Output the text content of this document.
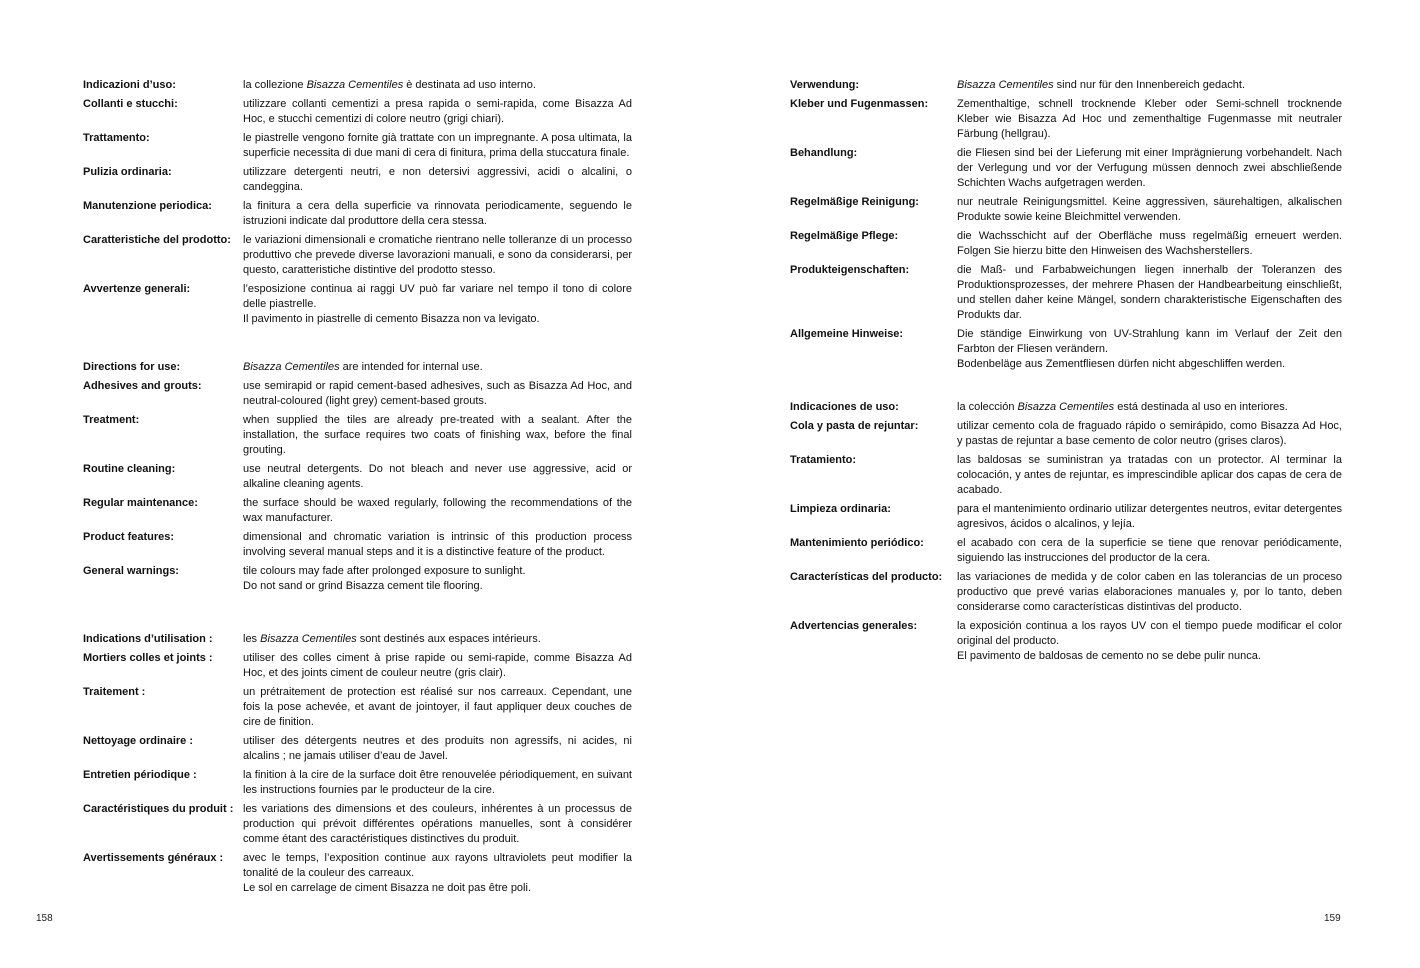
Indicazioni d’uso:	la collezione Bisazza Cementiles è destinata ad uso interno.

Collanti e stucchi:	utilizzare collanti cementizi a presa rapida o semi-rapida, come Bisazza Ad Hoc, e stucchi cementizi di colore neutro (grigi chiari).

Trattamento:	le piastrelle vengono fornite già trattate con un impregnante. A posa ultimata, la superficie necessita di due mani di cera di finitura, prima della stuccatura finale.

Pulizia ordinaria:	utilizzare detergenti neutri, e non detersivi aggressivi, acidi o alcalini, o candeggina.

Manutenzione periodica:	la finitura a cera della superficie va rinnovata periodicamente, seguendo le istruzioni indicate dal produttore della cera stessa.

Caratteristiche del prodotto:	le variazioni dimensionali e cromatiche rientrano nelle tolleranze di un processo produttivo che prevede diverse lavorazioni manuali, e sono da considerarsi, per questo, caratteristiche distintive del prodotto stesso.

Avvertenze generali:	l’esposizione continua ai raggi UV può far variare nel tempo il tono di colore delle piastrelle.

Il pavimento in piastrelle di cemento Bisazza non va levigato.

Directions for use:	Bisazza Cementiles are intended for internal use.

Adhesives and grouts:	use semirapid or rapid cement-based adhesives, such as Bisazza Ad Hoc, and neutral-coloured (light grey) cement-based grouts.

Treatment:	when supplied the tiles are already pre-treated with a sealant. After the installation, the surface requires two coats of finishing wax, before the final grouting.

Routine cleaning:	use neutral detergents. Do not bleach and never use aggressive, acid or alkaline cleaning agents.

Regular maintenance:	the surface should be waxed regularly, following the recommendations of the wax manufacturer.

Product features:	dimensional and chromatic variation is intrinsic of this production process involving several manual steps and it is a distinctive feature of the product.

General warnings:	tile colours may fade after prolonged exposure to sunlight.

Do not sand or grind Bisazza cement tile flooring.

Indications d’utilisation :	les Bisazza Cementiles sont destinés aux espaces intérieurs.

Mortiers colles et joints :	utiliser des colles ciment à prise rapide ou semi-rapide, comme Bisazza Ad Hoc, et des joints ciment de couleur neutre (gris clair).

Traitement :	un prétraitement de protection est réalisé sur nos carreaux. Cependant, une fois la pose achevée, et avant de jointoyer, il faut appliquer deux couches de cire de finition.

Nettoyage ordinaire :	utiliser des détergents neutres et des produits non agressifs, ni acides, ni alcalins ; ne jamais utiliser d’eau de Javel.

Entretien périodique :	la finition à la cire de la surface doit être renouvelée périodiquement, en suivant les instructions fournies par le producteur de la cire.

Caractéristiques du produit : les variations des dimensions et des couleurs, inhérentes à un processus de production qui prévoit différentes opérations manuelles, sont à considérer comme étant des caractéristiques distinctives du produit.

Avertissements généraux :	avec le temps, l’exposition continue aux rayons ultraviolets peut modifier la tonalité de la couleur des carreaux.

Le sol en carrelage de ciment Bisazza ne doit pas être poli.

Verwendung:	Bisazza Cementiles sind nur für den Innenbereich gedacht.

Kleber und Fugenmassen:	Zementhaltige, schnell trocknende Kleber oder Semi-schnell trocknende Kleber wie Bisazza Ad Hoc und zementhaltige Fugenmasse mit neutraler Färbung (hellgrau).

Behandlung:	die Fliesen sind bei der Lieferung mit einer Imprägnierung vorbehandelt. Nach der Verlegung und vor der Verfugung müssen dennoch zwei abschließende Schichten Wachs aufgetragen werden.

Regelmäßige Reinigung:	nur neutrale Reinigungsmittel. Keine aggressiven, säurehaltigen, alkalischen Produkte sowie keine Bleichmittel verwenden.

Regelmäßige Pflege:	die Wachsschicht auf der Oberfläche muss regelmäßig erneuert werden. Folgen Sie hierzu bitte den Hinweisen des Wachsherstellers.

Produkteigenschaften:	die Maß- und Farbabweichungen liegen innerhalb der Toleranzen des Produktionsprozesses, der mehrere Phasen der Handbearbeitung einschließt, und stellen daher keine Mängel, sondern charakteristische Eigenschaften des Produkts dar.

Allgemeine Hinweise:	Die ständige Einwirkung von UV-Strahlung kann im Verlauf der Zeit den Farbton der Fliesen verändern.

Bodenbeläge aus Zementfliesen dürfen nicht abgeschliffen werden.

Indicaciones de uso:	la colección Bisazza Cementiles está destinada al uso en interiores.

Cola y pasta de rejuntar:	utilizar cemento cola de fraguado rápido o semirápido, como Bisazza Ad Hoc, y pastas de rejuntar a base cemento de color neutro (grises claros).

Tratamiento:	las baldosas se suministran ya tratadas con un protector. Al terminar la colocación, y antes de rejuntar, es imprescindible aplicar dos capas de cera de acabado.

Limpieza ordinaria:	para el mantenimiento ordinario utilizar detergentes neutros, evitar detergentes agresivos, ácidos o alcalinos, y lejía.

Mantenimiento periódico:	el acabado con cera de la superficie se tiene que renovar periódicamente, siguiendo las instrucciones del productor de la cera.

Características del producto:	las variaciones de medida y de color caben en las tolerancias de un proceso productivo que prevé varias elaboraciones manuales y, por lo tanto, deben considerarse como características distintivas del producto.

Advertencias generales:	la exposición continua a los rayos UV con el tiempo puede modificar el color original del producto.

El pavimento de baldosas de cemento no se debe pulir nunca.

158	159
